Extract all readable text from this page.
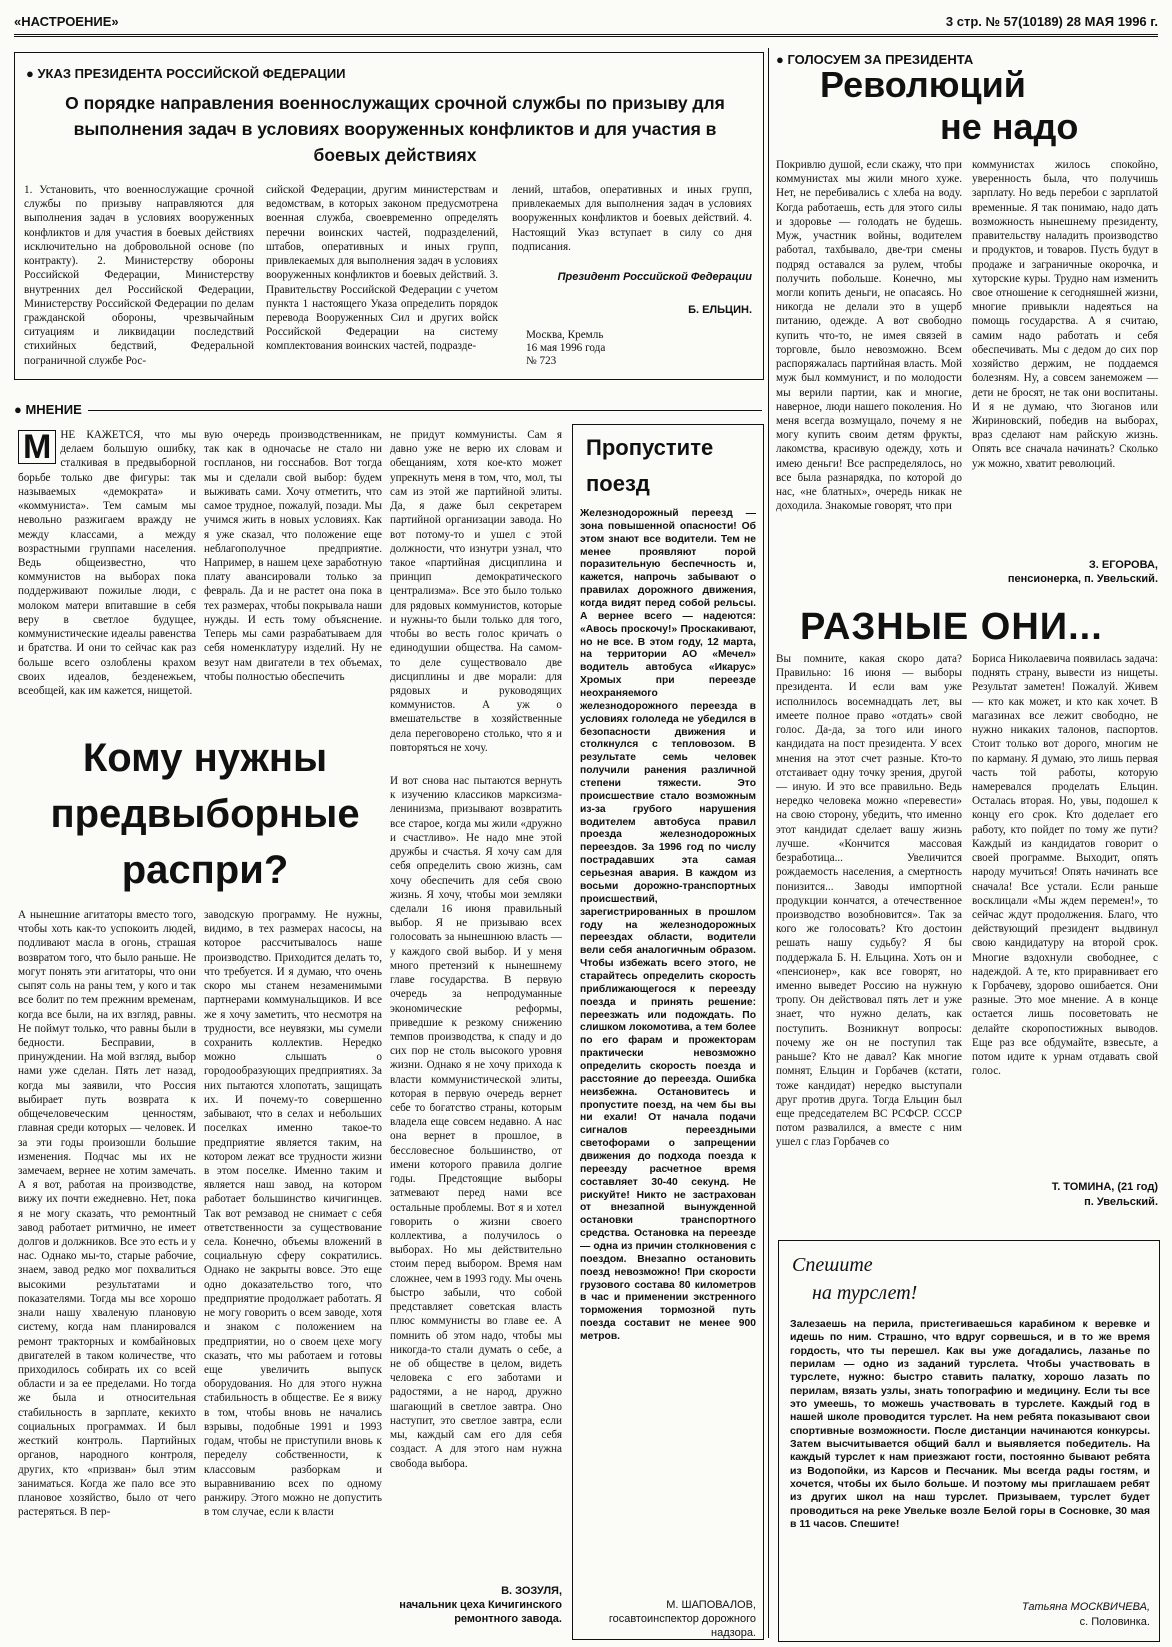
«НАСТРОЕНИЕ»	3 стр. № 57(10189) 28 МАЯ 1996 г.
● УКАЗ ПРЕЗИДЕНТА РОССИЙСКОЙ ФЕДЕРАЦИИ
О порядке направления военнослужащих срочной службы по призыву для выполнения задач в условиях вооруженных конфликтов и для участия в боевых действиях
1. Установить, что военнослужащие срочной службы по призыву направляются для выполнения задач в условиях вооруженных конфликтов и для участия в боевых действиях исключительно на добровольной основе (по контракту). 2. Министерству обороны Российской Федерации, Министерству внутренних дел Российской Федерации, Министерству Российской Федерации по делам гражданской обороны, чрезвычайным ситуациям и ликвидации последствий стихийных бедствий, Федеральной пограничной службе Рос-
сийской Федерации, другим министерствам и ведомствам, в которых законом предусмотрена военная служба, своевременно определять перечни воинских частей, подразделений, штабов, оперативных и иных групп, привлекаемых для выполнения задач в условиях вооруженных конфликтов и боевых действий. 3. Правительству Российской Федерации с учетом пункта 1 настоящего Указа определить порядок перевода Вооруженных Сил и других войск Российской Федерации на систему комплектования воинских частей, подразде-
лений, штабов, оперативных и иных групп, привлекаемых для выполнения задач в условиях вооруженных конфликтов и боевых действий. 4. Настоящий Указ вступает в силу со дня подписания.
Президент Российской Федерации
Б. ЕЛЬЦИН.
Москва, Кремль
16 мая 1996 года
№ 723
● ГОЛОСУЕМ ЗА ПРЕЗИДЕНТА
Революций
не надо
Покривлю душой, если скажу, что при коммунистах мы жили много хуже. Нет, не перебивались с хлеба на воду. Когда работаешь, есть для этого силы и здоровье — голодать не будешь. Муж, участник войны, водителем работал, тахбывало, две-три смены подряд оставался за рулем, чтобы получить побольше. Конечно, мы могли копить деньги, не опасаясь. Но никогда не делали это в ущерб питанию, одежде. А вот свободно купить что-то, не имея связей в торговле, было невозможно. Всем распоряжалась партийная власть. Мой муж был коммунист, и по молодости мы верили партии, как и многие, наверное, люди нашего поколения. Но меня всегда возмущало, почему я не могу купить своим детям фрукты, лакомства, красивую одежду, хоть и имею деньги! Все распределялось, но все была разнарядка, по которой до нас, «не блатных», очередь никак не доходила. Знакомые говорят, что при
коммунистах жилось спокойно, уверенность была, что получишь зарплату. Но ведь перебои с зарплатой временные. Я так понимаю, надо дать возможность нынешнему президенту, правительству наладить производство и продуктов, и товаров. Пусть будут в продаже и заграничные окорочка, и хуторские куры. Трудно нам изменить свое отношение к сегодняшней жизни, многие привыкли надеяться на помощь государства. А я считаю, самим надо работать и себя обеспечивать. Мы с дедом до сих пор хозяйство держим, не поддаемся болезням. Ну, а совсем занеможем — дети не бросят, не так они воспитаны. И я не думаю, что Зюганов или Жириновский, победив на выборах, враз сделают нам райскую жизнь. Опять все сначала начинать? Сколько уж можно, хватит революций.
З. ЕГОРОВА,
пенсионерка, п. Увельский.
РАЗНЫЕ ОНИ...
Вы помните, какая скоро дата? Правильно: 16 июня — выборы президента. И если вам уже исполнилось восемнадцать лет, вы имеете полное право «отдать» свой голос. Да-да, за того или иного кандидата на пост президента. У всех мнения на этот счет разные. Кто-то отстаивает одну точку зрения, другой — иную. И это все правильно. Ведь нередко человека можно «перевести» на свою сторону, убедить, что именно этот кандидат сделает вашу жизнь лучше. «Кончится массовая безработица... Увеличится рождаемость населения, а смертность понизится... Заводы импортной продукции кончатся, а отечественное производство возобновится». Так за кого же голосовать? Кто достоин решать нашу судьбу? Я бы поддержала Б. Н. Ельцина. Хоть он и «пенсионер», как все говорят, но именно выведет Россию на нужную тропу. Он действовал пять лет и уже знает, что нужно делать, как поступить. Возникнут вопросы: почему же он не поступил так раньше? Кто не давал? Как многие помнят, Ельцин и Горбачев (кстати, тоже кандидат) нередко выступали друг против друга. Тогда Ельцин был еще председателем ВС РСФСР. СССР потом развалился, а вместе с ним ушел с глаз Горбачев со
Бориса Николаевича появилась задача: поднять страну, вывести из нищеты. Результат заметен! Пожалуй. Живем — кто как может, и кто как хочет. В магазинах все лежит свободно, не нужно никаких талонов, паспортов. Стоит только вот дорого, многим не по карману. Я думаю, это лишь первая часть той работы, которую намеревался проделать Ельцин. Осталась вторая. Но, увы, подошел к концу его срок. Кто доделает его работу, кто пойдет по тому же пути? Каждый из кандидатов говорит о своей программе. Выходит, опять народу мучиться! Опять начинать все сначала! Все устали. Если раньше восклицали «Мы ждем перемен!», то сейчас ждут продолжения. Благо, что действующий президент выдвинул свою кандидатуру на второй срок. Многие вздохнули свободнее, с надеждой. А те, кто приравнивает его к Горбачеву, здорово ошибается. Они разные. Это мое мнение. А в конце остается лишь посоветовать не делайте скоропостижных выводов. Еще раз все обдумайте, взвесьте, а потом идите к урнам отдавать свой голос.
Т. ТОМИНА, (21 год)
п. Увельский.
Спешите
на турслет!
Залезаешь на перила, пристегиваешься карабином к веревке и идешь по ним. Страшно, что вдруг сорвешься, и в то же время гордость, что ты перешел. Как вы уже догадались, лазанье по перилам — одно из заданий турслета. Чтобы участвовать в турслете, нужно: быстро ставить палатку, хорошо лазать по перилам, вязать узлы, знать топографию и медицину. Если ты все это умеешь, то можешь участвовать в турслете. Каждый год в нашей школе проводится турслет. На нем ребята показывают свои спортивные возможности. После дистанции начинаются конкурсы. Затем высчитывается общий балл и выявляется победитель. На каждый турслет к нам приезжают гости, постоянно бывают ребята из Водопойки, из Карсов и Песчаник. Мы всегда рады гостям, и хочется, чтобы их было больше. И поэтому мы приглашаем ребят из других школ на наш турслет. Призываем, турслет будет проводиться на реке Увельке возле Белой горы в Сосновке, 30 мая в 11 часов. Спешите!
Татьяна МОСКВИЧЕВА,
с. Половинка.
● МНЕНИЕ
М НЕ КАЖЕТСЯ, что мы делаем большую ошибку, сталкивая в предвыборной борьбе только две фигуры: так называемых «демократа» и «коммуниста». Тем самым мы невольно разжигаем вражду не между классами, а между возрастными группами населения. Ведь общеизвестно, что коммунистов на выборах пока поддерживают пожилые люди, с молоком матери впитавшие в себя веру в светлое будущее, коммунистические идеалы равенства и братства. И они то сейчас как раз больше всего озлоблены крахом своих идеалов, безденежьем, всеобщей, как им кажется, нищетой.
вую очередь производственникам, так как в одночасье не стало ни госпланов, ни госснабов. Вот тогда мы и сделали свой выбор: будем выживать сами. Хочу отметить, что самое трудное, пожалуй, позади. Мы учимся жить в новых условиях. Как я уже сказал, что положение еще неблагополучное предприятие. Например, в нашем цехе заработную плату авансировали только за февраль. Да и не растет она пока в тех размерах, чтобы покрывала наши нужды. И есть тому объяснение. Теперь мы сами разрабатываем для себя номенклатуру изделий. Ну не везут нам двигатели в тех объемах, чтобы полностью обеспечить
не придут коммунисты. Сам я давно уже не верю их словам и обещаниям, хотя кое-кто может упрекнуть меня в том, что, мол, ты сам из этой же партийной элиты. Да, я даже был секретарем партийной организации завода. Но вот потому-то и ушел с этой должности, что изнутри узнал, что такое «партийная дисциплина и принцип демократического централизма». Все это было только для рядовых коммунистов, которые и нужны-то были только для того, чтобы во весть голос кричать о единодушии общества. На самом-то деле существовало две дисциплины и две морали: для рядовых и руководящих коммунистов. А уж о вмешательстве в хозяйственные дела переговорено столько, что я и повторяться не хочу.
Кому нужны предвыборные распри?
А нынешние агитаторы вместо того, чтобы хоть как-то успокоить людей, подливают масла в огонь, страшая возвратом того, что было раньше. Не могут понять эти агитаторы, что они сыпят соль на раны тем, у кого и так все болит по тем прежним временам, когда все были, на их взгляд, равны. Не поймут только, что равны были в бедности. Бесправии, в принуждении. На мой взгляд, выбор нами уже сделан. Пять лет назад, когда мы заявили, что Россия выбирает путь возврата к общечеловеческим ценностям, главная среди которых — человек. И за эти годы произошли большие изменения. Подчас мы их не замечаем, вернее не хотим замечать. А я вот, работая на производстве, вижу их почти ежедневно. Нет, пока я не могу сказать, что ремонтный завод работает ритмично, не имеет долгов и должников. Все это есть и у нас. Однако мы-то, старые рабочие, знаем, завод редко мог похвалиться высокими результатами и показателями. Тогда мы все хорошо знали нашу хваленую плановую систему, когда нам планировался ремонт тракторных и комбайновых двигателей в таком количестве, что приходилось собирать их со всей области и за ее пределами. Но тогда же была и относительная стабильность в зарплате, кекихто социальных программах. И был жесткий контроль. Партийных органов, народного контроля, других, кто «призван» был этим заниматься. Когда же пало все это плановое хозяйство, было от чего растеряться. В пер-
заводскую программу. Не нужны, видимо, в тех размерах насосы, на которое рассчитывалось наше производство. Приходится делать то, что требуется. И я думаю, что очень скоро мы станем незаменимыми партнерами коммунальщиков. И все же я хочу заметить, что несмотря на трудности, все неувязки, мы сумели сохранить коллектив. Нередко можно слышать о городообразующих предприятиях. За них пытаются хлопотать, защищать их. И почему-то совершенно забывают, что в селах и небольших поселках именно такое-то предприятие является таким, на котором лежат все трудности жизни в этом поселке. Именно таким и является наш завод, на котором работает большинство кичигинцев. Так вот ремзавод не снимает с себя ответственности за существование села. Конечно, объемы вложений в социальную сферу сократились. Однако не закрыты вовсе. Это еще одно доказательство того, что предприятие продолжает работать. Я не могу говорить о всем заводе, хотя и знаком с положением на предприятии, но о своем цехе могу сказать, что мы работаем и готовы еще увеличить выпуск оборудования. Но для этого нужна стабильность в обществе. Ее я вижу в том, чтобы вновь не начались взрывы, подобные 1991 и 1993 годам, чтобы не приступили вновь к переделу собственности, к классовым разборкам и выравниванию всех по одному ранжиру. Этого можно не допустить в том случае, если к власти
И вот снова нас пытаются вернуть к изучению классиков марксизма-ленинизма, призывают возвратить все старое, когда мы жили «дружно и счастливо». Не надо мне этой дружбы и счастья. Я хочу сам для себя определить свою жизнь, сам хочу обеспечить для себя свою жизнь. Я хочу, чтобы мои земляки сделали 16 июня правильный выбор. Я не призываю всех голосовать за нынешнюю власть — у каждого свой выбор. И у меня много претензий к нынешнему главе государства. В первую очередь за непродуманные экономические реформы, приведшие к резкому снижению темпов производства, к спаду и до сих пор не столь высокого уровня жизни. Однако я не хочу прихода к власти коммунистической элиты, которая в первую очередь вернет себе то богатство страны, которым владела еще совсем недавно. А нас она вернет в прошлое, в бессловесное большинство, от имени которого правила долгие годы. Предстоящие выборы затмевают перед нами все остальные проблемы. Вот я и хотел говорить о жизни своего коллектива, а получилось о выборах. Но мы действительно стоим перед выбором. Время нам сложнее, чем в 1993 году. Мы очень быстро забыли, что собой представляет советская власть плюс коммунисты во главе ее. А помнить об этом надо, чтобы мы никогда-то стали думать о себе, а не об обществе в целом, видеть человека с его заботами и радостями, а не народ, дружно шагающий в светлое завтра. Оно наступит, это светлое завтра, если мы, каждый сам его для себя создаст. А для этого нам нужна свобода выбора.
В. ЗОЗУЛЯ,
начальник цеха Кичигинского ремонтного завода.
Пропустите поезд
Железнодорожный переезд — зона повышенной опасности! Об этом знают все водители. Тем не менее проявляют порой поразительную беспечность и, кажется, напрочь забывают о правилах дорожного движения, когда видят перед собой рельсы. А вернее всего — надеются: «Авось проскочу!» Проскакивают, но не все. В этом году, 12 марта, на территории АО «Мечел» водитель автобуса «Икарус» Хромых при переезде неохраняемого железнодорожного переезда в условиях гололеда не убедился в безопасности движения и столкнулся с тепловозом. В результате семь человек получили ранения различной степени тяжести. Это происшествие стало возможным из-за грубого нарушения водителем автобуса правил проезда железнодорожных переездов. За 1996 год по числу пострадавших эта самая серьезная авария. В каждом из восьми дорожно-транспортных происшествий, зарегистрированных в прошлом году на железнодорожных переездах области, водители вели себя аналогичным образом. Чтобы избежать всего этого, не старайтесь определить скорость приближающегося к переезду поезда и принять решение: переезжать или подождать. По слишком локомотива, а тем более по его фарам и прожекторам практически невозможно определить скорость поезда и расстояние до переезда. Ошибка неизбежна. Остановитесь и пропустите поезд, на чем бы вы ни ехали! От начала подачи сигналов переездными светофорами о запрещении движения до подхода поезда к переезду расчетное время составляет 30-40 секунд. Не рискуйте! Никто не застрахован от внезапной вынужденной остановки транспортного средства. Остановка на переезде — одна из причин столкновения с поездом. Внезапно остановить поезд невозможно! При скорости грузового состава 80 километров в час и применении экстренного торможения тормозной путь поезда составит не менее 900 метров.
М. ШАПОВАЛОВ,
госавтоинспектор дорожного надзора.
